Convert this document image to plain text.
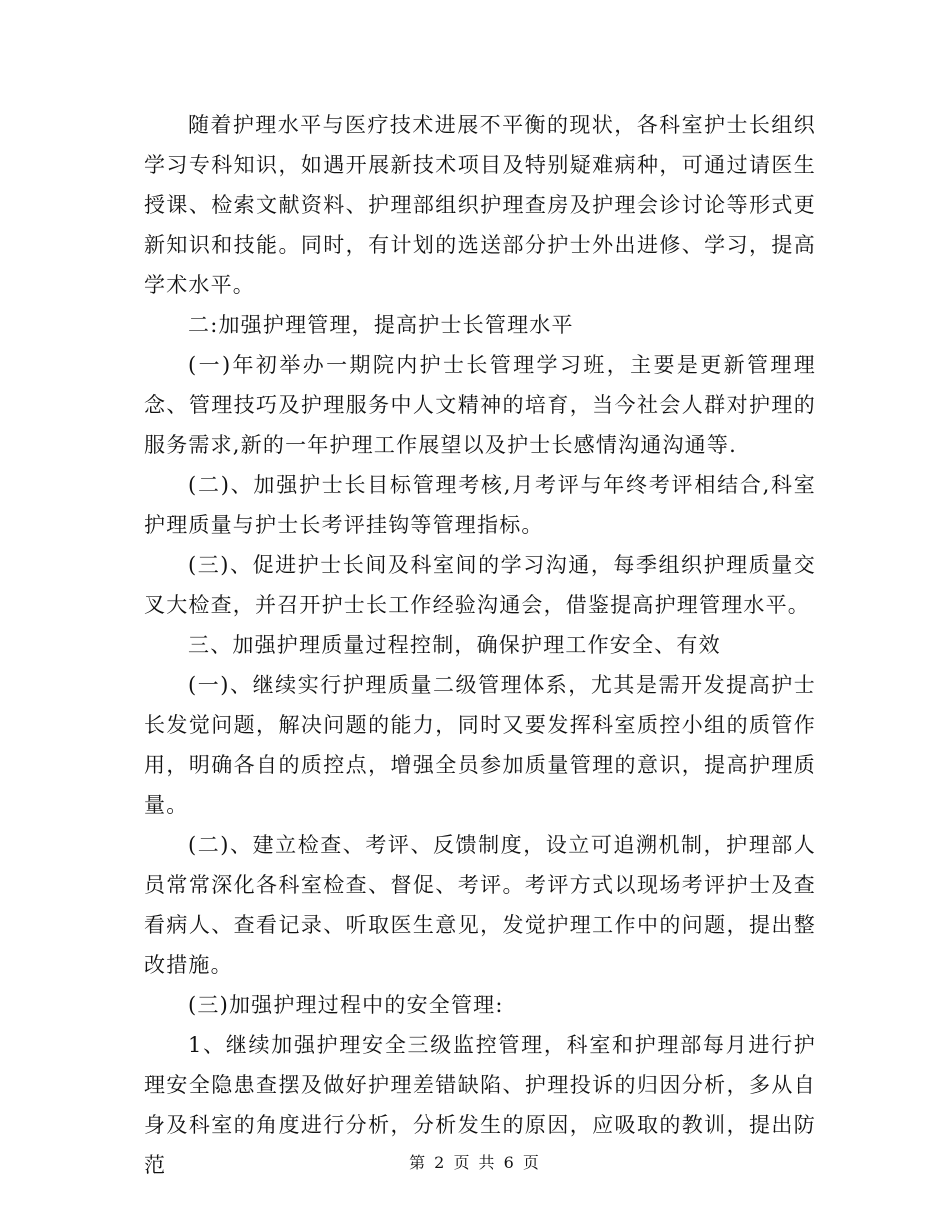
随着护理水平与医疗技术进展不平衡的现状，各科室护士长组织学习专科知识，如遇开展新技术项目及特别疑难病种，可通过请医生授课、检索文献资料、护理部组织护理查房及护理会诊讨论等形式更新知识和技能。同时，有计划的选送部分护士外出进修、学习，提高学术水平。

二:加强护理管理，提高护士长管理水平

(一)年初举办一期院内护士长管理学习班，主要是更新管理理念、管理技巧及护理服务中人文精神的培育，当今社会人群对护理的服务需求,新的一年护理工作展望以及护士长感情沟通沟通等.

(二)、加强护士长目标管理考核,月考评与年终考评相结合,科室护理质量与护士长考评挂钩等管理指标。

(三)、促进护士长间及科室间的学习沟通，每季组织护理质量交叉大检查，并召开护士长工作经验沟通会，借鉴提高护理管理水平。

三、加强护理质量过程控制，确保护理工作安全、有效

(一)、继续实行护理质量二级管理体系，尤其是需开发提高护士长发觉问题，解决问题的能力，同时又要发挥科室质控小组的质管作用，明确各自的质控点，增强全员参加质量管理的意识，提高护理质量。

(二)、建立检查、考评、反馈制度，设立可追溯机制，护理部人员常常深化各科室检查、督促、考评。考评方式以现场考评护士及查看病人、查看记录、听取医生意见，发觉护理工作中的问题，提出整改措施。

(三)加强护理过程中的安全管理:

1、继续加强护理安全三级监控管理，科室和护理部每月进行护理安全隐患查摆及做好护理差错缺陷、护理投诉的归因分析，多从自身及科室的角度进行分析，分析发生的原因，应吸取的教训，提出防范	第 2 页 共 6 页
